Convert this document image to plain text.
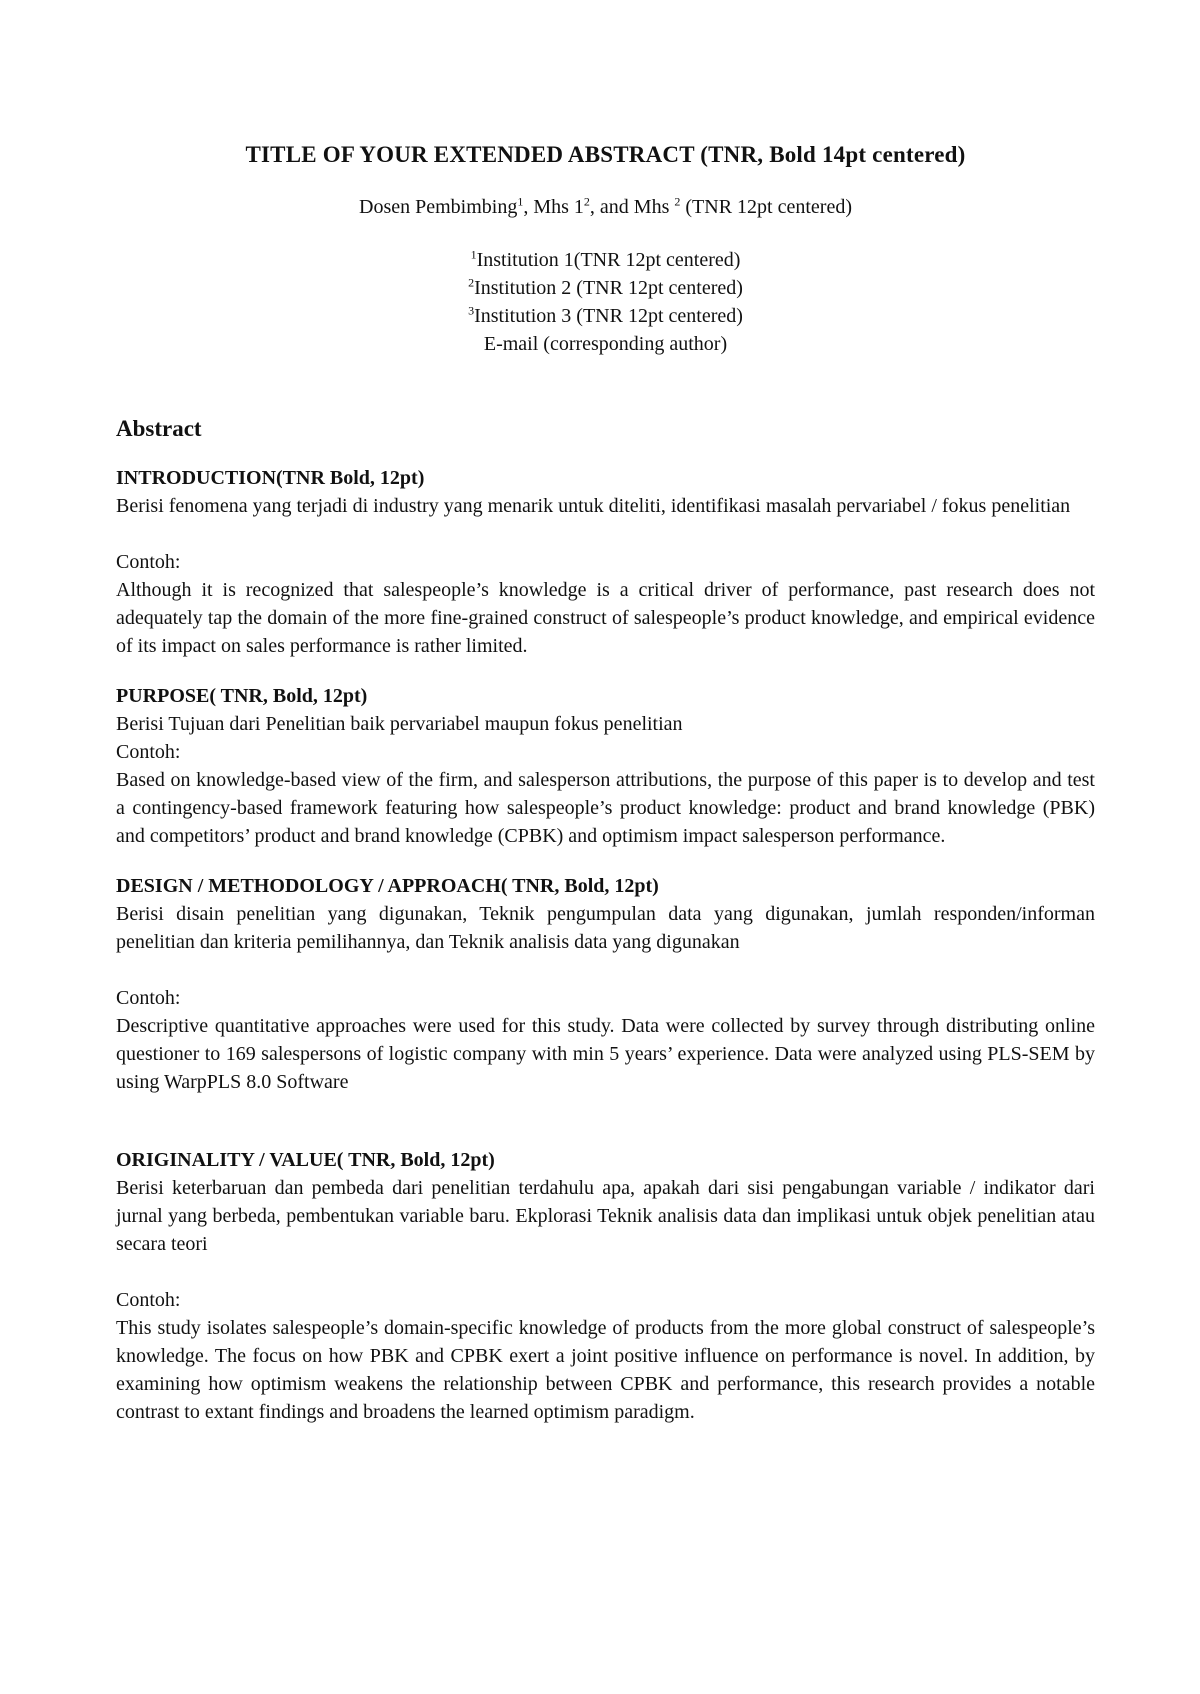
TITLE OF YOUR EXTENDED ABSTRACT (TNR, Bold 14pt centered)

Dosen Pembimbing$^1$, Mhs $1^2$, and Mhs $^2$ (TNR 12pt centered)

$^1$Institution 1(TNR 12pt centered)
$^2$Institution 2 (TNR 12pt centered)
$^3$Institution 3 (TNR 12pt centered)
E-mail (corresponding author)
Abstract

INTRODUCTION(TNR Bold, 12pt)

Berisi fenomena yang terjadi di industry yang menarik untuk diteliti, identifikasi masalah pervariabel / fokus penelitian

Contoh:

Although it is recognized that salespeople’s knowledge is a critical driver of performance, past research does not adequately tap the domain of the more fine-grained construct of salespeople’s product knowledge, and empirical evidence of its impact on sales performance is rather limited.

PURPOSE( TNR, Bold, 12pt)

Berisi Tujuan dari Penelitian baik pervariabel maupun fokus penelitian

Contoh:

Based on knowledge-based view of the firm, and salesperson attributions, the purpose of this paper is to develop and test a contingency-based framework featuring how salespeople’s product knowledge: product and brand knowledge (PBK) and competitors’ product and brand knowledge (CPBK) and optimism impact salesperson performance.

DESIGN / METHODOLOGY / APPROACH( TNR, Bold, 12pt)

Berisi disain penelitian yang digunakan, Teknik pengumpulan data yang digunakan, jumlah responden/informan penelitian dan kriteria pemilihannya, dan Teknik analisis data yang digunakan

Contoh:

Descriptive quantitative approaches were used for this study. Data were collected by survey through distributing online questioner to 169 salespersons of logistic company with min 5 years’ experience. Data were analyzed using PLS-SEM by using WarpPLS 8.0 Software

ORIGINALITY / VALUE( TNR, Bold, 12pt)

Berisi keterbaruan dan pembeda dari penelitian terdahulu apa, apakah dari sisi pengabungan variable / indikator dari jurnal yang berbeda, pembentukan variable baru. Ekplorasi Teknik analisis data dan implikasi untuk objek penelitian atau secara teori

Contoh:

This study isolates salespeople’s domain-specific knowledge of products from the more global construct of salespeople’s knowledge. The focus on how PBK and CPBK exert a joint positive influence on performance is novel. In addition, by examining how optimism weakens the relationship between CPBK and performance, this research provides a notable contrast to extant findings and broadens the learned optimism paradigm.
